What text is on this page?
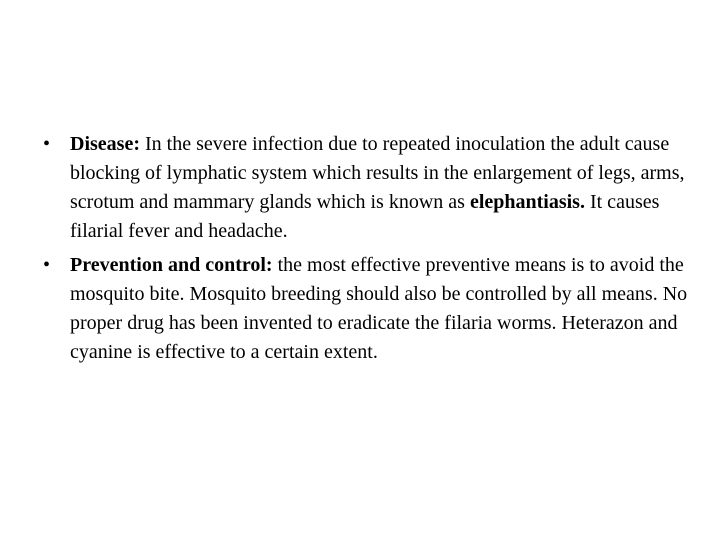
• Disease: In the severe infection due to repeated inoculation the adult cause blocking of lymphatic system which results in the enlargement of legs, arms, scrotum and mammary glands which is known as elephantiasis. It causes filarial fever and headache.
• Prevention and control: the most effective preventive means is to avoid the mosquito bite. Mosquito breeding should also be controlled by all means. No proper drug has been invented to eradicate the filaria worms. Heterazon and cyanine is effective to a certain extent.
